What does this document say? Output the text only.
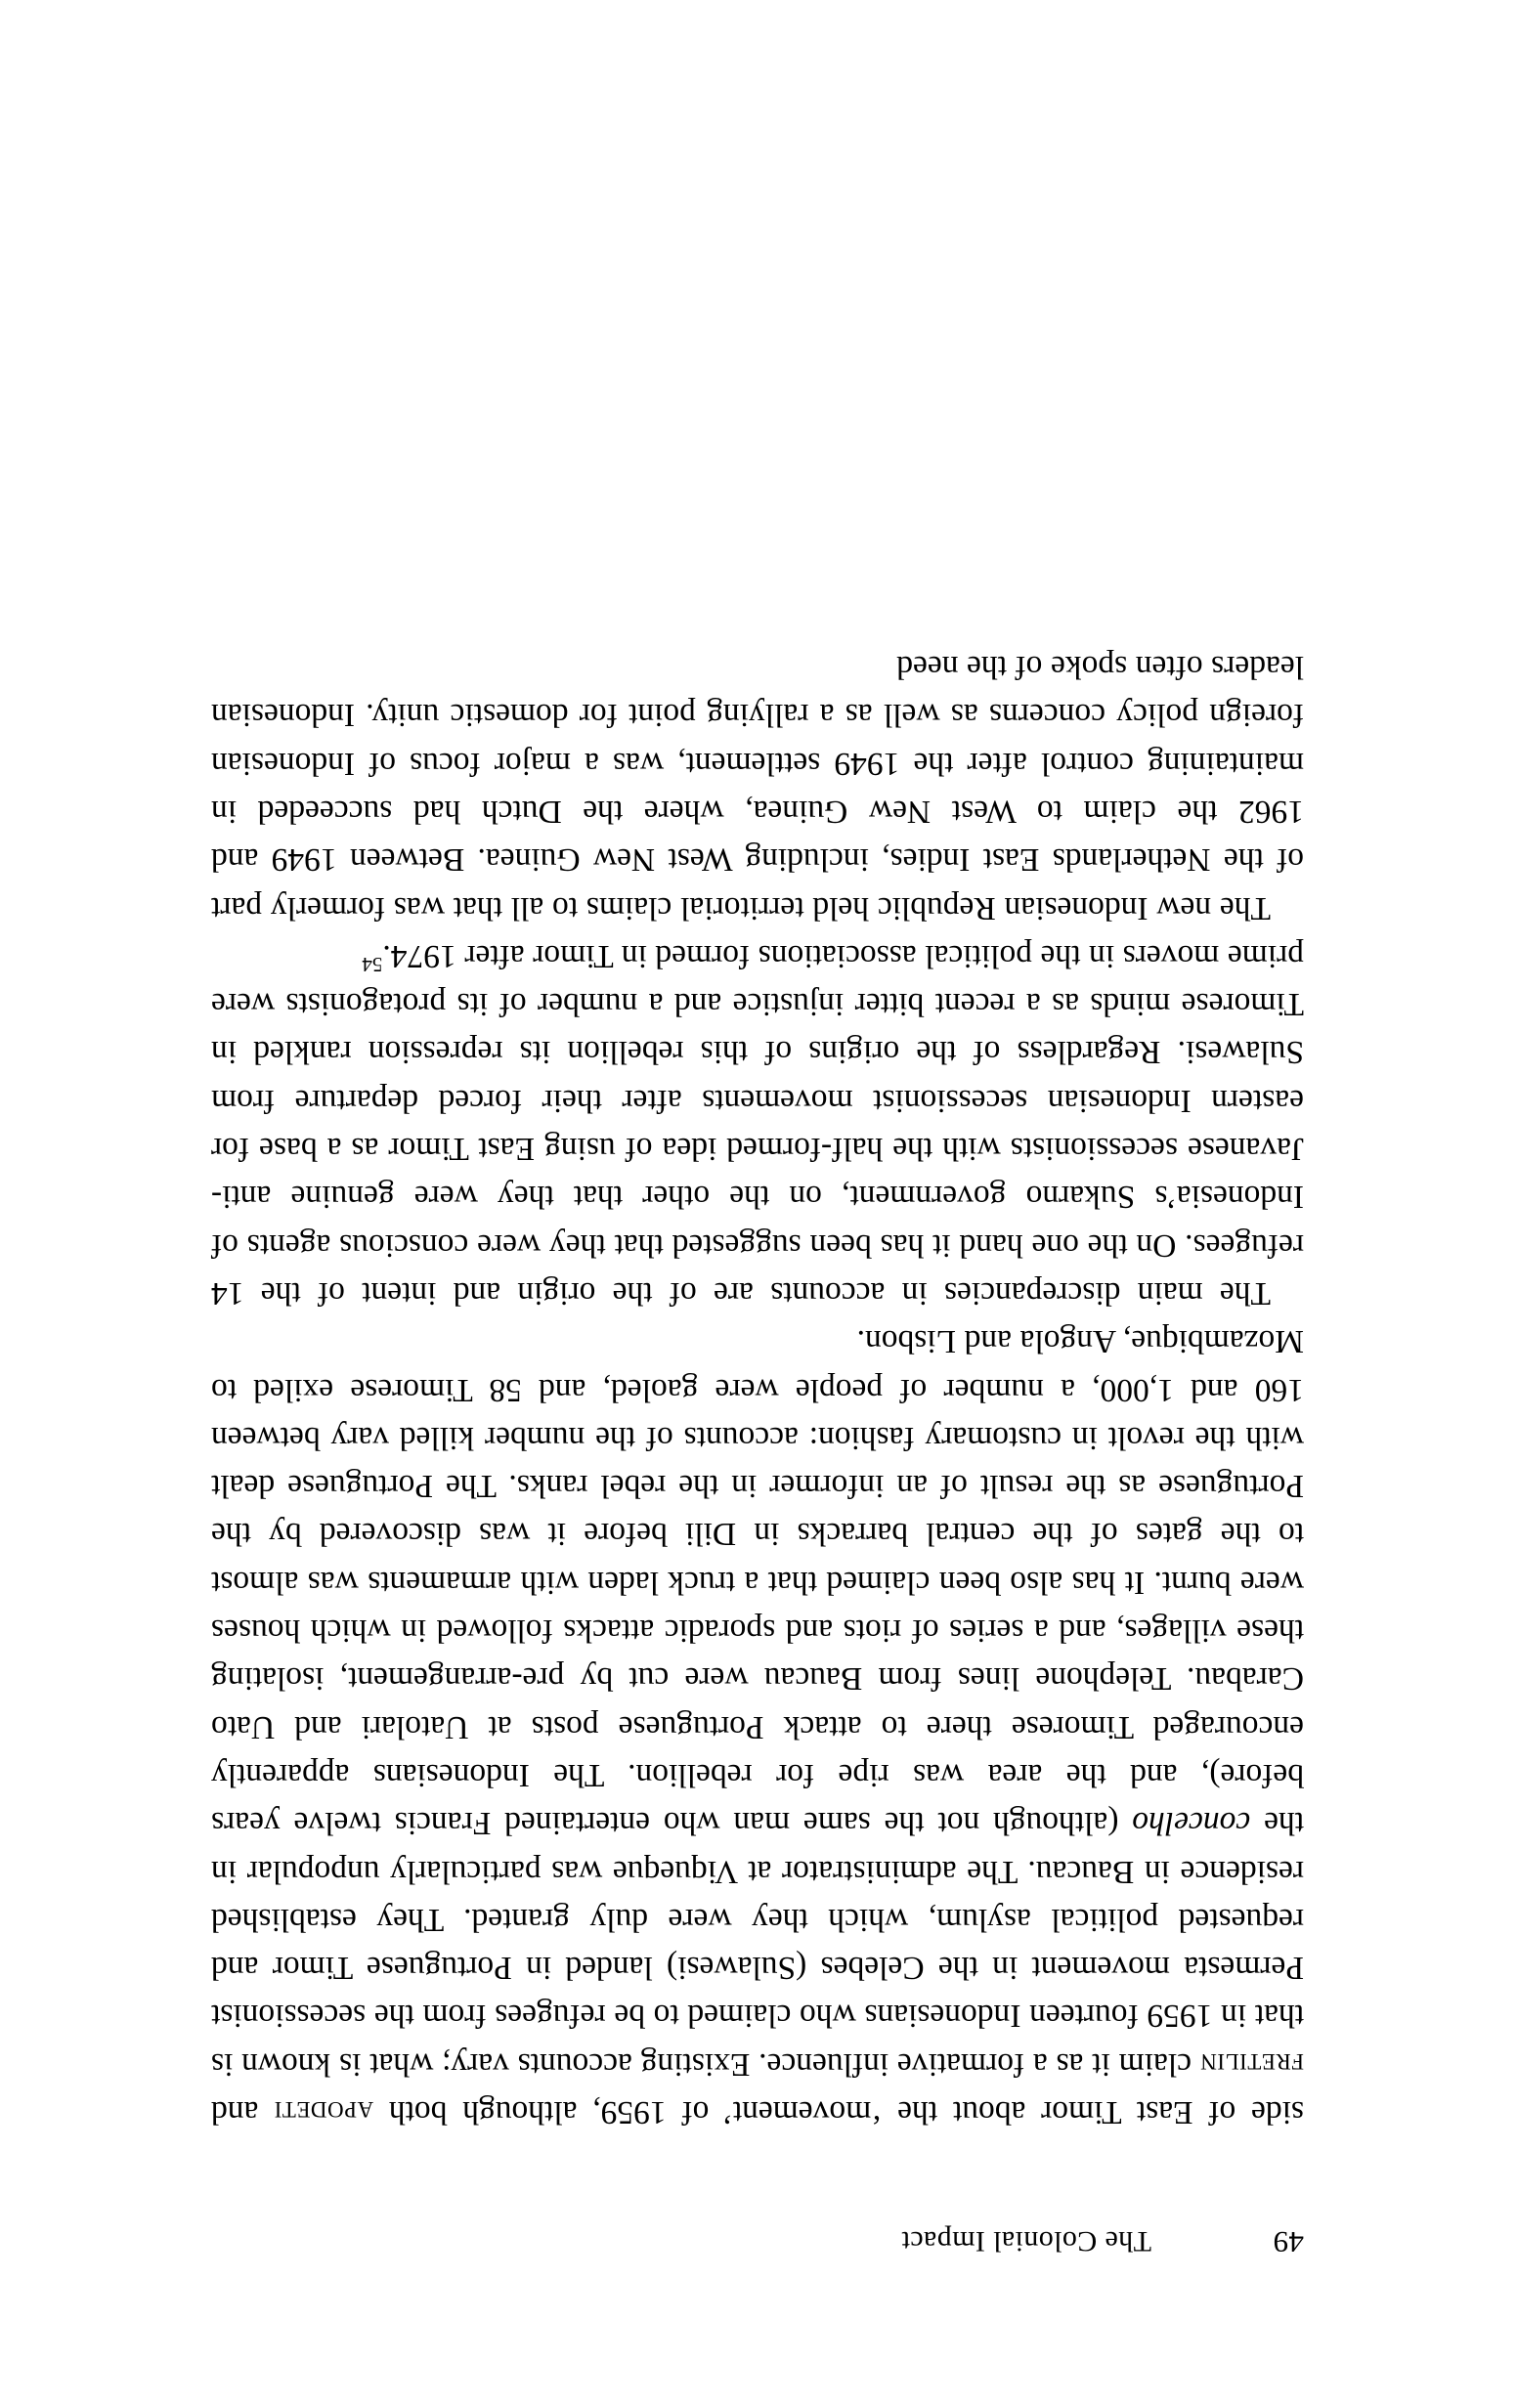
49
The Colonial Impact

side of East Timor about the ‘movement’ of 1959, although both apodeti and fretilin claim it as a formative influence. Existing accounts vary; what is known is that in 1959 fourteen Indonesians who claimed to be refugees from the secessionist Permesta movement in the Celebes (Sulawesi) landed in Portuguese Timor and requested political asylum, which they were duly granted. They established residence in Baucau. The administrator at Viqueque was particularly unpopular in the concelho (although not the same man who entertained Francis twelve years before), and the area was ripe for rebellion. The Indonesians apparently encouraged Timorese there to attack Portuguese posts at Uatolari and Uato Carabau. Telephone lines from Baucau were cut by pre-arrangement, isolating these villages, and a series of riots and sporadic attacks followed in which houses were burnt. It has also been claimed that a truck laden with armaments was almost to the gates of the central barracks in Dili before it was discovered by the Portuguese as the result of an informer in the rebel ranks. The Portuguese dealt with the revolt in customary fashion: accounts of the number killed vary between 160 and 1,000, a number of people were gaoled, and 58 Timorese exiled to Mozambique, Angola and Lisbon.

The main discrepancies in accounts are of the origin and intent of the 14 refugees. On the one hand it has been suggested that they were conscious agents of Indonesia’s Sukarno government, on the other that they were genuine anti-Javanese secessionists with the half-formed idea of using East Timor as a base for eastern Indonesian secessionist movements after their forced departure from Sulawesi. Regardless of the origins of this rebellion its repression rankled in Timorese minds as a recent bitter injustice and a number of its protagonists were prime movers in the political associations formed in Timor after 1974.54

The new Indonesian Republic held territorial claims to all that was formerly part of the Netherlands East Indies, including West New Guinea. Between 1949 and 1962 the claim to West New Guinea, where the Dutch had succeeded in maintaining control after the 1949 settlement, was a major focus of Indonesian foreign policy concerns as well as a rallying point for domestic unity. Indonesian leaders often spoke of the need
